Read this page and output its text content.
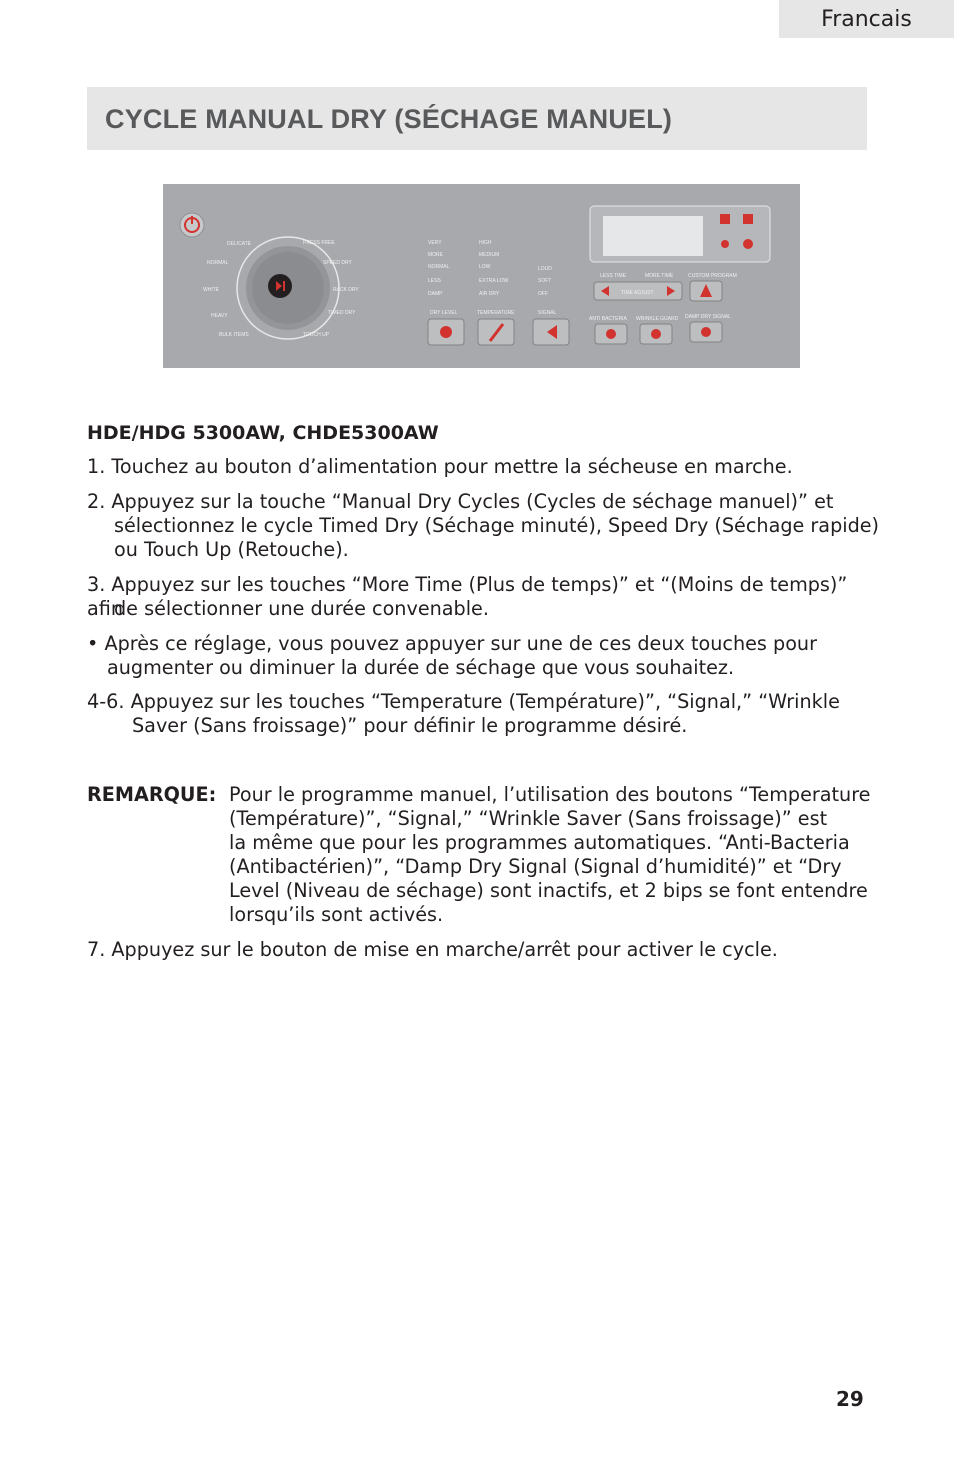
Francais
CYCLE MANUAL DRY (SÉCHAGE MANUEL)
DELICATE
NORMAL
WHITE
HEAVY
BULK ITEMS
PRESS FREE
SPEED DRY
RACK DRY
TIMED DRY
TOUCH UP
VERY
MORE
NORMAL
LESS
DAMP
HIGH
MEDIUM
LOW
EXTRA LOW
AIR DRY
LOUD
SOFT
OFF
DRY LEVEL	TEMPERATURE	SIGNAL
LESS TIME	MORE TIME	CUSTOM PROGRAM
TIME ADJUST
ANTI BACTERIA WRINKLE GUARD DAMP DRY SIGNAL
HDE/HDG 5300AW, CHDE5300AW
1. Touchez au bouton d’alimentation pour mettre la sécheuse en marche.
2. Appuyez sur la touche “Manual Dry Cycles (Cycles de séchage manuel)” et
sélectionnez le cycle Timed Dry (Séchage minuté), Speed Dry (Séchage rapide)
ou Touch Up (Retouche).
3. Appuyez sur les touches “More Time (Plus de temps)” et “(Moins de temps)” afin
de sélectionner une durée convenable.
• Après ce réglage, vous pouvez appuyer sur une de ces deux touches pour
augmenter ou diminuer la durée de séchage que vous souhaitez.
4-6. Appuyez sur les touches “Temperature (Température)”, “Signal,” “Wrinkle
Saver (Sans froissage)” pour définir le programme désiré.
REMARQUE: Pour le programme manuel, l’utilisation des boutons “Temperature
(Température)”, “Signal,” “Wrinkle Saver (Sans froissage)” est
la même que pour les programmes automatiques. “Anti-Bacteria
(Antibactérien)”, “Damp Dry Signal (Signal d’humidité)” et “Dry
Level (Niveau de séchage) sont inactifs, et 2 bips se font entendre
lorsqu’ils sont activés.
7. Appuyez sur le bouton de mise en marche/arrêt pour activer le cycle.
29
